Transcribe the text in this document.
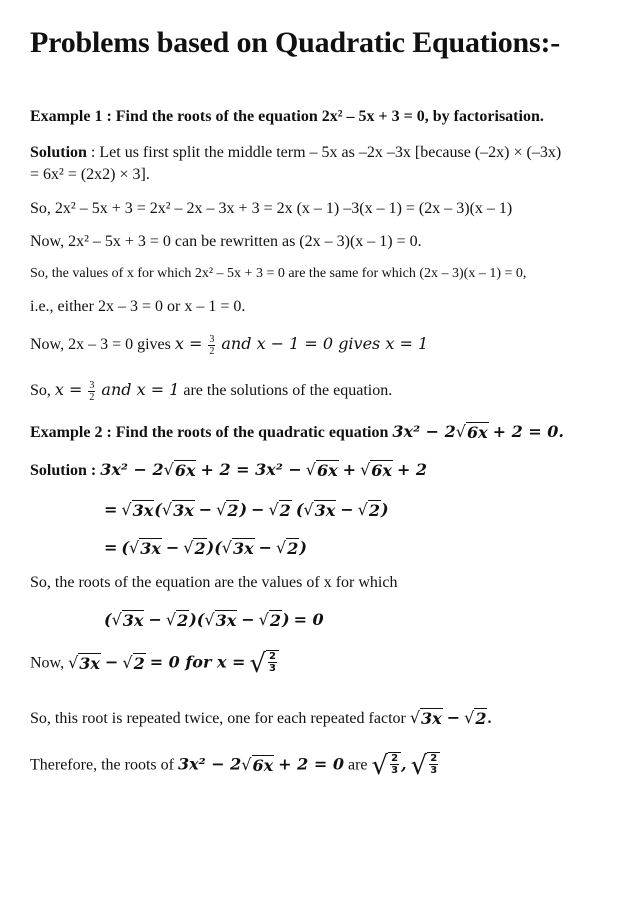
Problems based on Quadratic Equations:-
Example 1 : Find the roots of the equation 2x² – 5x + 3 = 0, by factorisation.
Solution : Let us first split the middle term – 5x as –2x –3x [because (–2x) × (–3x)
= 6x² = (2x2) × 3].
So, 2x² – 5x + 3 = 2x² – 2x – 3x + 3 = 2x (x – 1) –3(x – 1) = (2x – 3)(x – 1)
Now, 2x² – 5x + 3 = 0 can be rewritten as (2x – 3)(x – 1) = 0.
So, the values of x for which 2x² – 5x + 3 = 0 are the same for which (2x – 3)(x – 1) = 0,
i.e., either 2x – 3 = 0 or x – 1 = 0.
Now, 2x – 3 = 0 gives $x = \frac{3}{2}$ and x − 1 = 0 gives x = 1
So, $x = \frac{3}{2}$ and x = 1 are the solutions of the equation.
Example 2 : Find the roots of the quadratic equation 3x² − 2 √ 6x + 2 = 0.
Solution : 3x² − 2 √ 6x + 2 = 3x² − √ 6x + √ 6x + 2
= √ 3x ( √ 3x − √ 2 ) − √ 2 ( √ 3x − √ 2 )
= ( √ 3x − √ 2 )( √ 3x − √ 2 )
So, the roots of the equation are the values of x for which
( √ 3x − √ 2 )( √ 3x − √ 2 ) = 0
Now, √ 3x − √ 2 = 0 for x = √ $\frac{2}{3}$
So, this root is repeated twice, one for each repeated factor √ 3x − √ 2 .
Therefore, the roots of 3x² − 2 √ 6x + 2 = 0 are √ $\frac{2}{3}$ , √ $\frac{2}{3}$
